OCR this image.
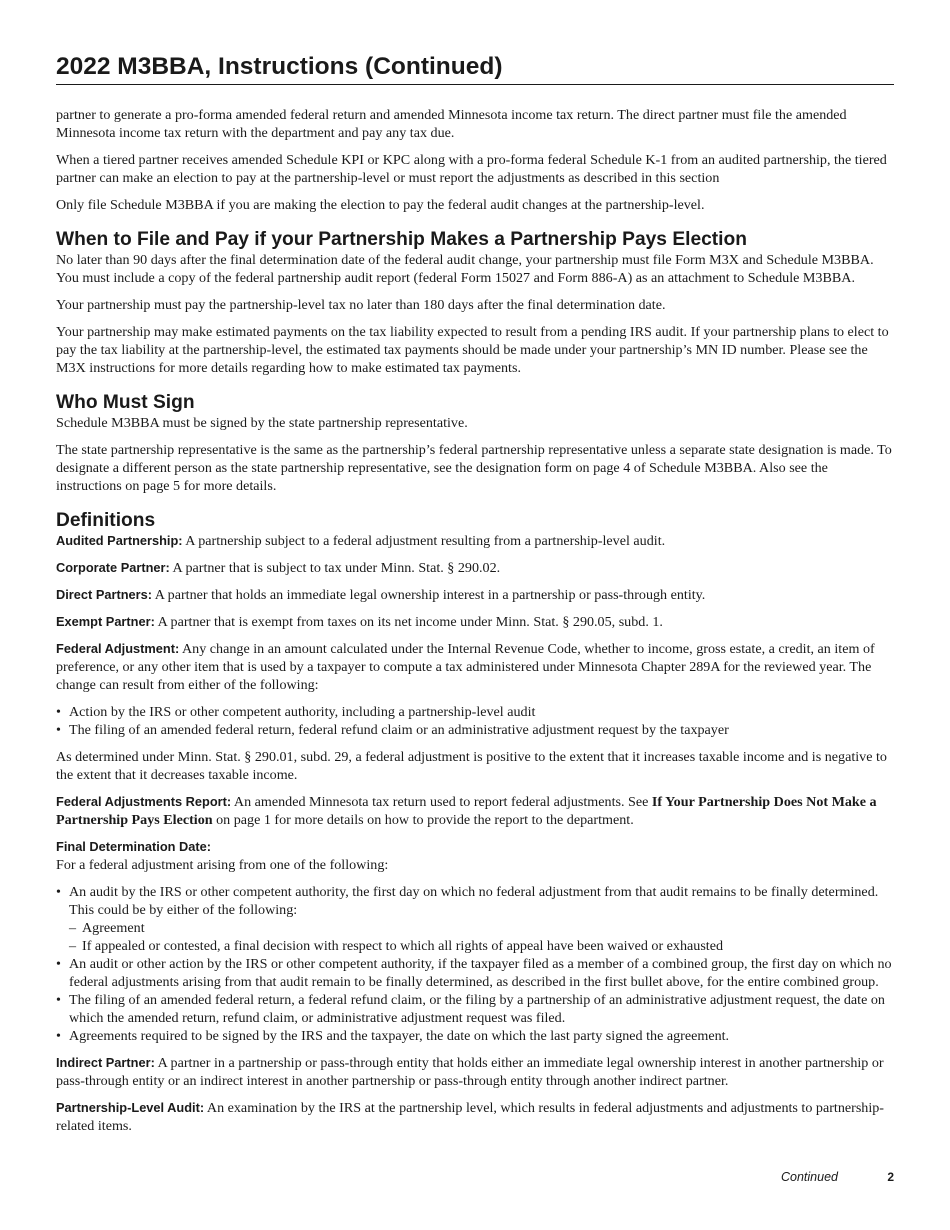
2022 M3BBA, Instructions (Continued)

partner to generate a pro-forma amended federal return and amended Minnesota income tax return. The direct partner must file the amended Minnesota income tax return with the department and pay any tax due.

When a tiered partner receives amended Schedule KPI or KPC along with a pro-forma federal Schedule K-1 from an audited partnership, the tiered partner can make an election to pay at the partnership-level or must report the adjustments as described in this section

Only file Schedule M3BBA if you are making the election to pay the federal audit changes at the partnership-level.

When to File and Pay if your Partnership Makes a Partnership Pays Election

No later than 90 days after the final determination date of the federal audit change, your partnership must file Form M3X and Schedule M3BBA. You must include a copy of the federal partnership audit report (federal Form 15027 and Form 886-A) as an attachment to Schedule M3BBA.

Your partnership must pay the partnership-level tax no later than 180 days after the final determination date.

Your partnership may make estimated payments on the tax liability expected to result from a pending IRS audit. If your partnership plans to elect to pay the tax liability at the partnership-level, the estimated tax payments should be made under your partnership’s MN ID number. Please see the M3X instructions for more details regarding how to make estimated tax payments.

Who Must Sign

Schedule M3BBA must be signed by the state partnership representative.

The state partnership representative is the same as the partnership’s federal partnership representative unless a separate state designation is made. To designate a different person as the state partnership representative, see the designation form on page 4 of Schedule M3BBA. Also see the instructions on page 5 for more details.

Definitions

Audited Partnership: A partnership subject to a federal adjustment resulting from a partnership-level audit.

Corporate Partner: A partner that is subject to tax under Minn. Stat. § 290.02.

Direct Partners: A partner that holds an immediate legal ownership interest in a partnership or pass-through entity.

Exempt Partner: A partner that is exempt from taxes on its net income under Minn. Stat. § 290.05, subd. 1.

Federal Adjustment: Any change in an amount calculated under the Internal Revenue Code, whether to income, gross estate, a credit, an item of preference, or any other item that is used by a taxpayer to compute a tax administered under Minnesota Chapter 289A for the reviewed year. The change can result from either of the following:

• Action by the IRS or other competent authority, including a partnership-level audit
• The filing of an amended federal return, federal refund claim or an administrative adjustment request by the taxpayer

As determined under Minn. Stat. § 290.01, subd. 29, a federal adjustment is positive to the extent that it increases taxable income and is negative to the extent that it decreases taxable income.

Federal Adjustments Report: An amended Minnesota tax return used to report federal adjustments. See If Your Partnership Does Not Make a Partnership Pays Election on page 1 for more details on how to provide the report to the department.

Final Determination Date:

For a federal adjustment arising from one of the following:

• An audit by the IRS or other competent authority, the first day on which no federal adjustment from that audit remains to be finally determined. This could be by either of the following:
– Agreement
– If appealed or contested, a final decision with respect to which all rights of appeal have been waived or exhausted
• An audit or other action by the IRS or other competent authority, if the taxpayer filed as a member of a combined group, the first day on which no federal adjustments arising from that audit remain to be finally determined, as described in the first bullet above, for the entire combined group.
• The filing of an amended federal return, a federal refund claim, or the filing by a partnership of an administrative adjustment request, the date on which the amended return, refund claim, or administrative adjustment request was filed.
• Agreements required to be signed by the IRS and the taxpayer, the date on which the last party signed the agreement.

Indirect Partner: A partner in a partnership or pass-through entity that holds either an immediate legal ownership interest in another partnership or pass-through entity or an indirect interest in another partnership or pass-through entity through another indirect partner.

Partnership-Level Audit: An examination by the IRS at the partnership level, which results in federal adjustments and adjustments to partnership-related items.

Continued	2
